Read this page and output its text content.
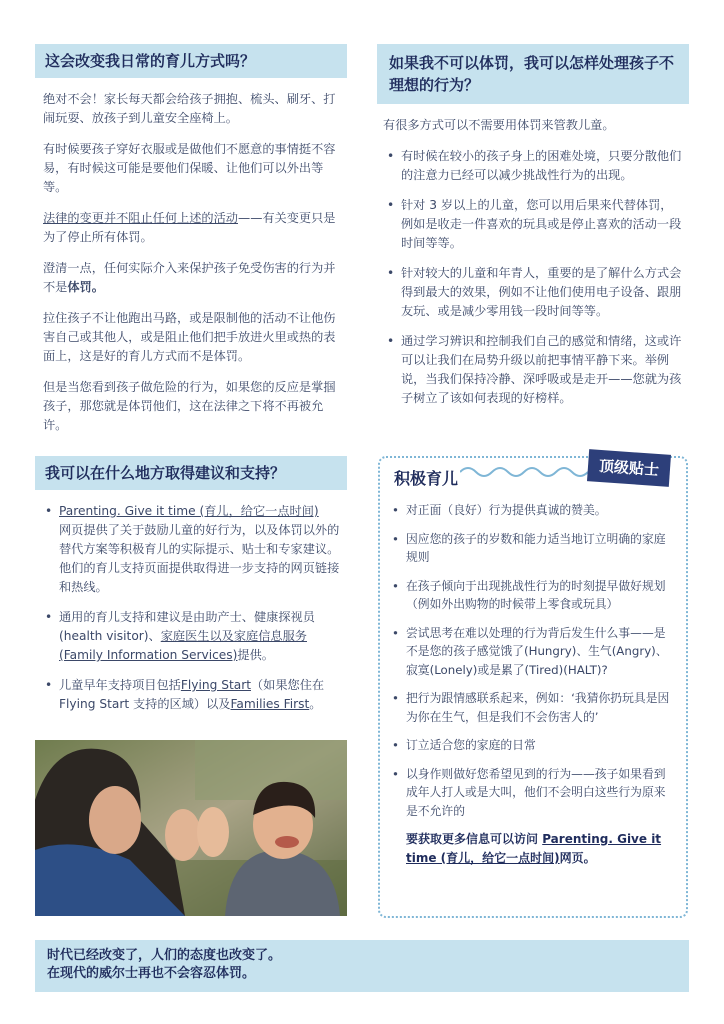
这会改变我日常的育儿方式吗？

绝对不会！家长每天都会给孩子拥抱、梳头、刷牙、打闹玩耍、放孩子到儿童安全座椅上。

有时候要孩子穿好衣服或是做他们不愿意的事情挺不容易，有时候这可能是要他们保暖、让他们可以外出等等。

法律的变更并不阻止任何上述的活动——有关变更只是为了停止所有体罚。

澄清一点，任何实际介入来保护孩子免受伤害的行为并不是体罚。

拉住孩子不让他跑出马路，或是限制他的活动不让他伤害自己或其他人，或是阻止他们把手放进火里或热的表面上，这是好的育儿方式而不是体罚。

但是当您看到孩子做危险的行为，如果您的反应是掌掴孩子，那您就是体罚他们，这在法律之下将不再被允许。

如果我不可以体罚，我可以怎样处理孩子不理想的行为？

有很多方式可以不需要用体罚来管教儿童。

• 有时候在较小的孩子身上的困难处境，只要分散他们的注意力已经可以减少挑战性行为的出现。
• 针对 3 岁以上的儿童，您可以用后果来代替体罚，例如是收走一件喜欢的玩具或是停止喜欢的活动一段时间等等。
• 针对较大的儿童和年青人，重要的是了解什么方式会得到最大的效果，例如不让他们使用电子设备、跟朋友玩、或是减少零用钱一段时间等等。
• 通过学习辨识和控制我们自己的感觉和情绪，这或许可以让我们在局势升级以前把事情平静下来。举例说，当我们保持冷静、深呼吸或是走开——您就为孩子树立了该如何表现的好榜样。
我可以在什么地方取得建议和支持？
• Parenting. Give it time (育儿，给它一点时间)
网页提供了关于鼓励儿童的好行为，以及体罚以外的替代方案等积极育儿的实际提示、贴士和专家建议。他们的育儿支持页面提供取得进一步支持的网页链接和热线。
• 通用的育儿支持和建议是由助产士、健康探视员(health visitor)、家庭医生以及家庭信息服务(Family Information Services)提供。
• 儿童早年支持项目包括Flying Start（如果您住在Flying Start 支持的区域）以及Families First。
积极育儿
• 对正面（良好）行为提供真诚的赞美。
• 因应您的孩子的岁数和能力适当地订立明确的家庭规则
• 在孩子倾向于出现挑战性行为的时刻提早做好规划（例如外出购物的时候带上零食或玩具）
• 尝试思考在难以处理的行为背后发生什么事——是不是您的孩子感觉饿了(Hungry)、生气(Angry)、寂寞(Lonely)或是累了(Tired)(HALT)?
• 把行为跟情感联系起来，例如：‘我猜你扔玩具是因为你在生气，但是我们不会伤害人的’
• 订立适合您的家庭的日常
• 以身作则做好您希望见到的行为——孩子如果看到成年人打人或是大叫，他们不会明白这些行为原来是不允许的
要获取更多信息可以访问 Parenting. Give it time (育儿，给它一点时间)网页。
顶级贴士
时代已经改变了，人们的态度也改变了。
在现代的威尔士再也不会容忍体罚。
